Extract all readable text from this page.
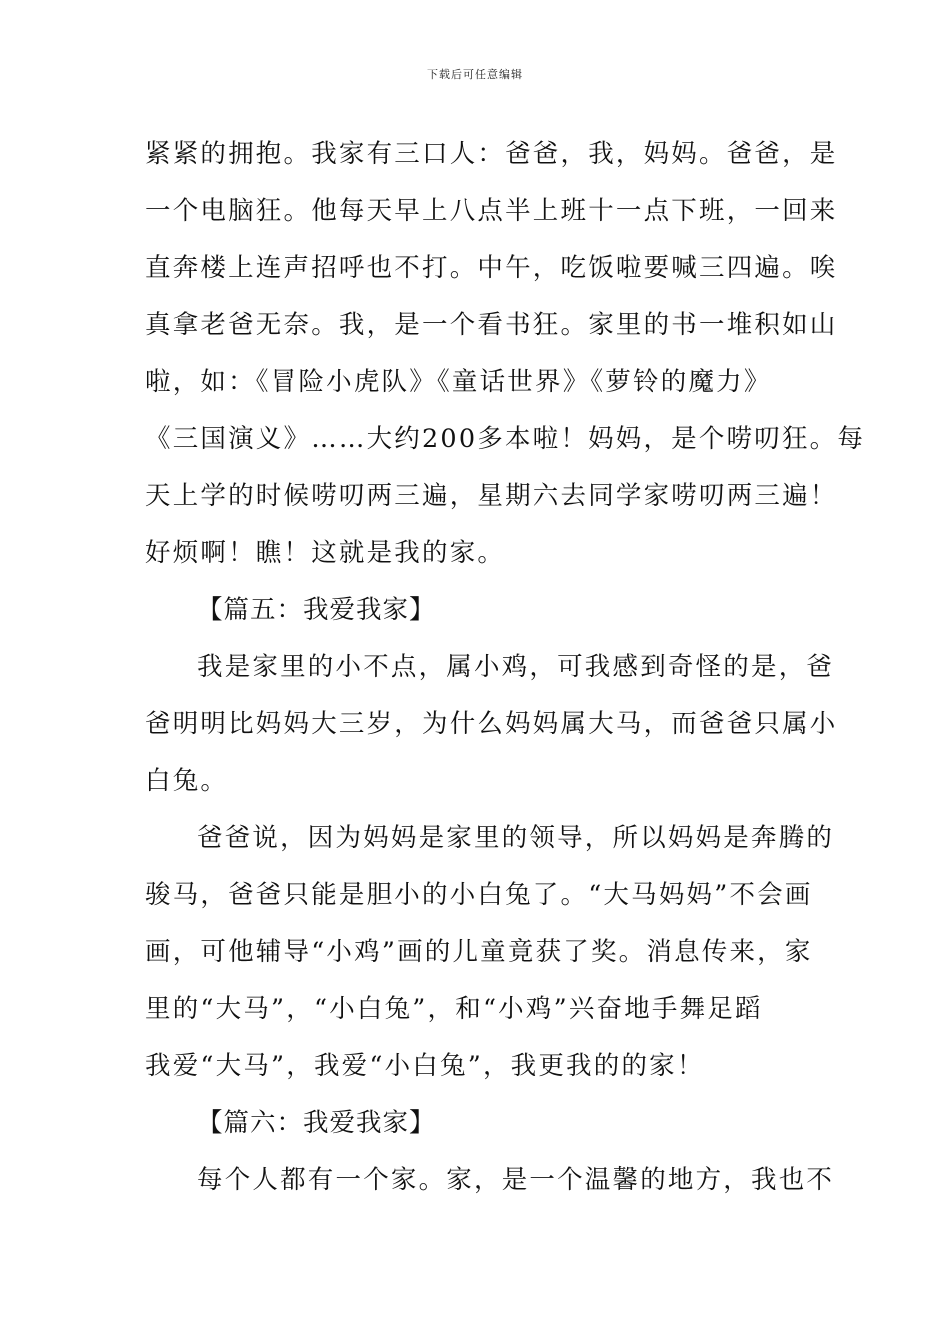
下载后可任意编辑
紧紧的拥抱。我家有三口人：爸爸，我，妈妈。爸爸，是
一个电脑狂。他每天早上八点半上班十一点下班，一回来
直奔楼上连声招呼也不打。中午，吃饭啦要喊三四遍。唉
真拿老爸无奈。我，是一个看书狂。家里的书一堆积如山
啦，如：《冒险小虎队》《童话世界》《萝铃的魔力》
《三国演义》……大约200多本啦！妈妈，是个唠叨狂。每
天上学的时候唠叨两三遍，星期六去同学家唠叨两三遍！
好烦啊！瞧！这就是我的家。
【篇五：我爱我家】
我是家里的小不点，属小鸡，可我感到奇怪的是，爸
爸明明比妈妈大三岁，为什么妈妈属大马，而爸爸只属小
白兔。
爸爸说，因为妈妈是家里的领导，所以妈妈是奔腾的
骏马，爸爸只能是胆小的小白兔了。“大马妈妈”不会画
画，可他辅导“小鸡”画的儿童竟获了奖。消息传来，家
里的“大马”，“小白兔”，和“小鸡”兴奋地手舞足蹈
我爱“大马”，我爱“小白兔”，我更我的的家！
【篇六：我爱我家】
每个人都有一个家。家，是一个温馨的地方，我也不
